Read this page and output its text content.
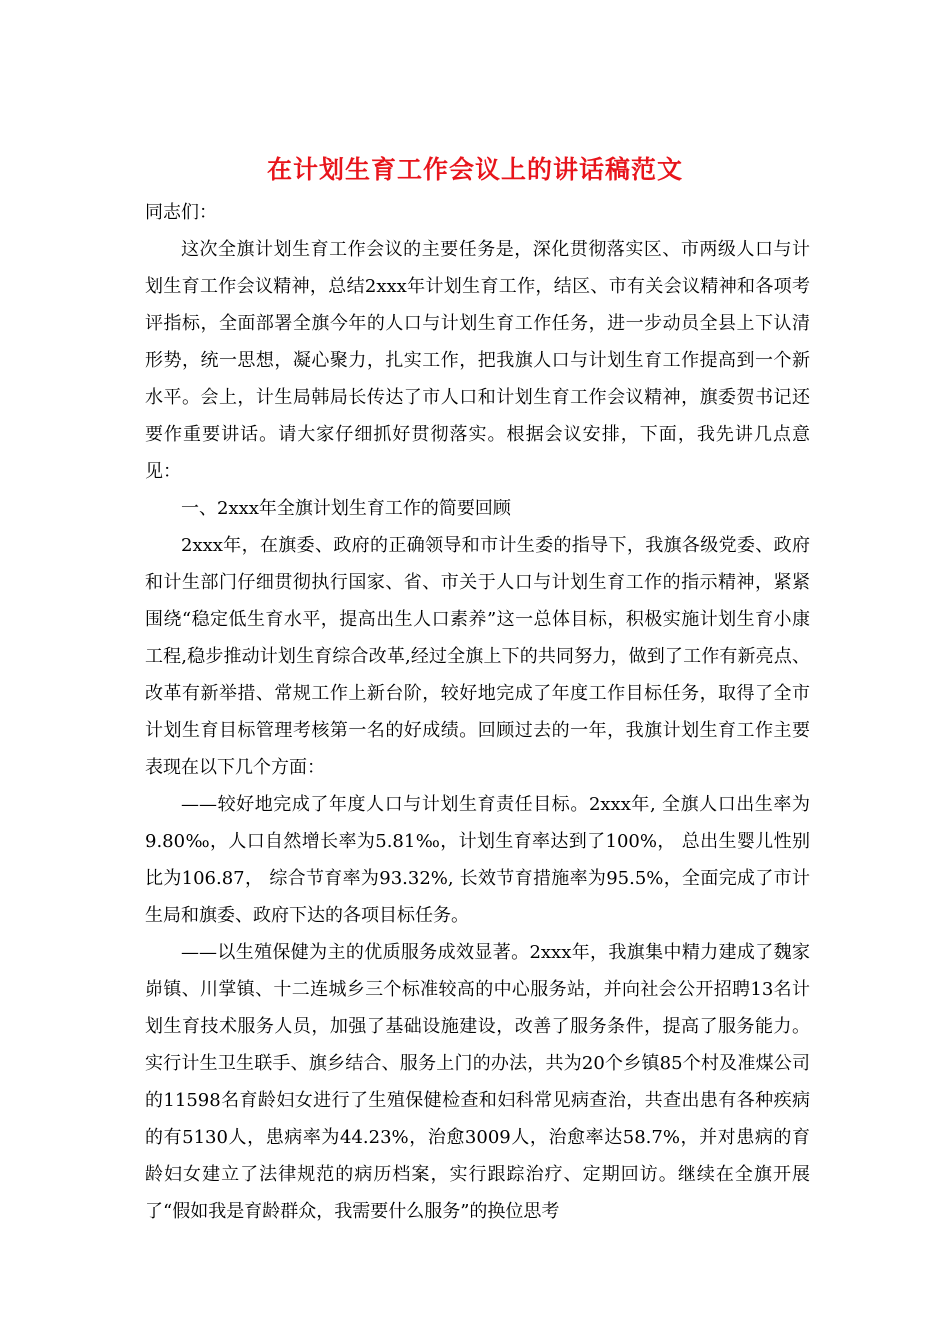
在计划生育工作会议上的讲话稿范文

同志们：

这次全旗计划生育工作会议的主要任务是，深化贯彻落实区、市两级人口与计划生育工作会议精神，总结2xxx年计划生育工作，结区、市有关会议精神和各项考评指标，全面部署全旗今年的人口与计划生育工作任务，进一步动员全县上下认清形势，统一思想，凝心聚力，扎实工作，把我旗人口与计划生育工作提高到一个新水平。会上，计生局韩局长传达了市人口和计划生育工作会议精神，旗委贺书记还要作重要讲话。请大家仔细抓好贯彻落实。根据会议安排，下面，我先讲几点意见：

一、2xxx年全旗计划生育工作的简要回顾

2xxx年，在旗委、政府的正确领导和市计生委的指导下，我旗各级党委、政府和计生部门仔细贯彻执行国家、省、市关于人口与计划生育工作的指示精神，紧紧围绕“稳定低生育水平，提高出生人口素养”这一总体目标，积极实施计划生育小康工程,稳步推动计划生育综合改革,经过全旗上下的共同努力，做到了工作有新亮点、改革有新举措、常规工作上新台阶，较好地完成了年度工作目标任务，取得了全市计划生育目标管理考核第一名的好成绩。回顾过去的一年，我旗计划生育工作主要表现在以下几个方面：

——较好地完成了年度人口与计划生育责任目标。2xxx年, 全旗人口出生率为 9.80‰，人口自然增长率为5.81‰，计划生育率达到了100%， 总出生婴儿性别比为106.87， 综合节育率为93.32%, 长效节育措施率为95.5%，全面完成了市计生局和旗委、政府下达的各项目标任务。

——以生殖保健为主的优质服务成效显著。2xxx年，我旗集中精力建成了魏家峁镇、川掌镇、十二连城乡三个标准较高的中心服务站，并向社会公开招聘13名计划生育技术服务人员，加强了基础设施建设，改善了服务条件，提高了服务能力。实行计生卫生联手、旗乡结合、服务上门的办法，共为20个乡镇85个村及准煤公司的11598名育龄妇女进行了生殖保健检查和妇科常见病查治，共查出患有各种疾病的有5130人，患病率为44.23%，治愈3009人，治愈率达58.7%，并对患病的育龄妇女建立了法律规范的病历档案，实行跟踪治疗、定期回访。继续在全旗开展了“假如我是育龄群众，我需要什么服务”的换位思考
